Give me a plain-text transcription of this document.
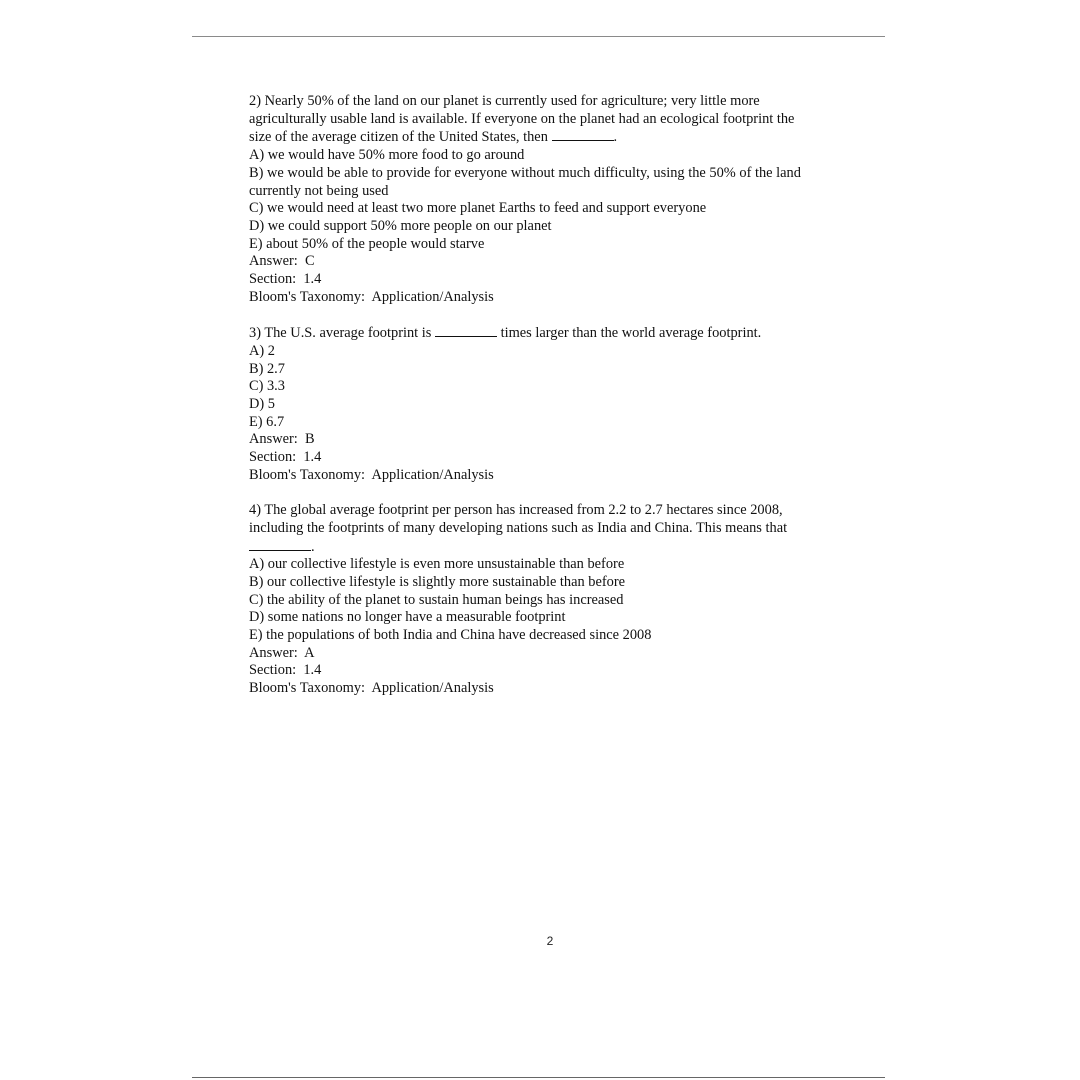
2) Nearly 50% of the land on our planet is currently used for agriculture; very little more
agriculturally usable land is available. If everyone on the planet had an ecological footprint the
size of the average citizen of the United States, then	.
A) we would have 50% more food to go around
B) we would be able to provide for everyone without much difficulty, using the 50% of the land
currently not being used
C) we would need at least two more planet Earths to feed and support everyone
D) we could support 50% more people on our planet
E) about 50% of the people would starve
Answer:  C
Section:  1.4
Bloom's Taxonomy:  Application/Analysis
3) The U.S. average footprint is	times larger than the world average footprint.
A) 2
B) 2.7
C) 3.3
D) 5
E) 6.7
Answer:  B
Section:  1.4
Bloom's Taxonomy:  Application/Analysis
4) The global average footprint per person has increased from 2.2 to 2.7 hectares since 2008,
including the footprints of many developing nations such as India and China. This means that
.
A) our collective lifestyle is even more unsustainable than before
B) our collective lifestyle is slightly more sustainable than before
C) the ability of the planet to sustain human beings has increased
D) some nations no longer have a measurable footprint
E) the populations of both India and China have decreased since 2008
Answer:  A
Section:  1.4
Bloom's Taxonomy:  Application/Analysis
2
